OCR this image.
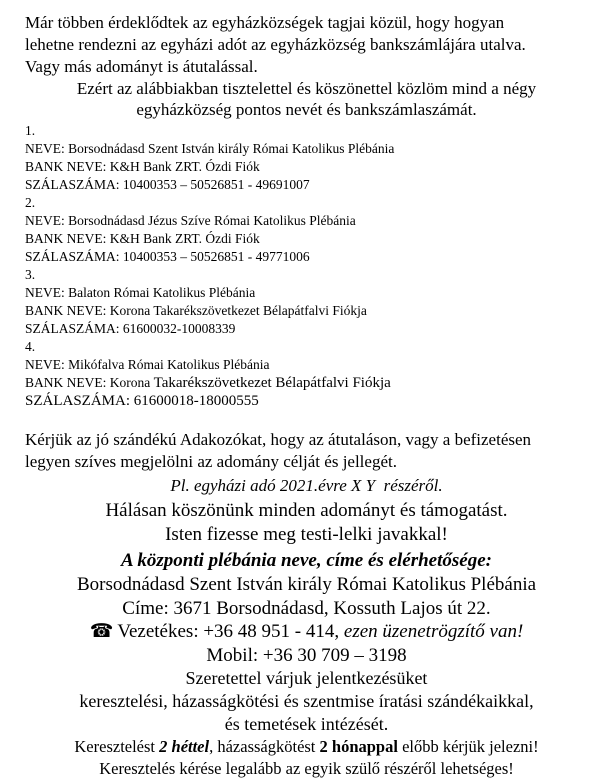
Már többen érdeklődtek az egyházközségek tagjai közül, hogy hogyan
lehetne rendezni az egyházi adót az egyházközség bankszámlájára utalva.
Vagy más adományt is átutalással.
Ezért az alábbiakban tisztelettel és köszönettel közlöm mind a négy
egyházközség pontos nevét és bankszámlaszámát.
1.
NEVE: Borsodnádasd Szent István király Római Katolikus Plébánia
BANK NEVE: K&H Bank ZRT. Ózdi Fiók
SZÁLASZÁMA: 10400353 – 50526851 - 49691007
2.
NEVE: Borsodnádasd Jézus Szíve Római Katolikus Plébánia
BANK NEVE: K&H Bank ZRT. Ózdi Fiók
SZÁLASZÁMA: 10400353 – 50526851 - 49771006
3.
NEVE: Balaton Római Katolikus Plébánia
BANK NEVE: Korona Takarékszövetkezet Bélapátfalvi Fiókja
SZÁLASZÁMA: 61600032-10008339
4.
NEVE: Mikófalva Római Katolikus Plébánia
BANK NEVE: Korona Takarékszövetkezet Bélapátfalvi Fiókja
SZÁLASZÁMA: 61600018-18000555
Kérjük az jó szándékú Adakozókat, hogy az átutaláson, vagy a befizetésen
legyen szíves megjelölni az adomány célját és jellegét.
Pl. egyházi adó 2021.évre X Y  részéről.
Hálásan köszönünk minden adományt és támogatást.
Isten fizesse meg testi-lelki javakkal!
A központi plébánia neve, címe és elérhetősége:
Borsodnádasd Szent István király Római Katolikus Plébánia
Címe: 3671 Borsodnádasd, Kossuth Lajos út 22.
☎ Vezetékes: +36 48 951 - 414, ezen üzenetrögzítő van!
Mobil: +36 30 709 – 3198
Szeretettel várjuk jelentkezésüket
keresztelési, házasságkötési és szentmise íratási szándékaikkal,
és temetések intézését.
Keresztelést 2 héttel, házasságkötést 2 hónappal előbb kérjük jelezni!
Keresztelés kérése legalább az egyik szülő részéről lehetséges!
